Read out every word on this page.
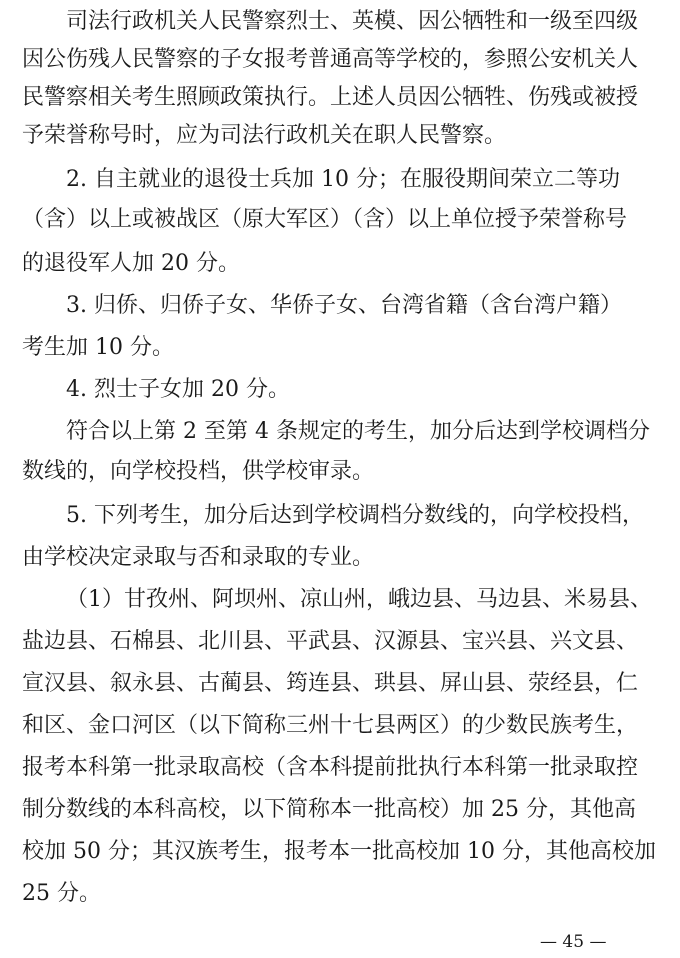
司法行政机关人民警察烈士、英模、因公牺牲和一级至四级
因公伤残人民警察的子女报考普通高等学校的，参照公安机关人
民警察相关考生照顾政策执行。上述人员因公牺牲、伤残或被授
予荣誉称号时，应为司法行政机关在职人民警察。
2. 自主就业的退役士兵加 10 分；在服役期间荣立二等功
（含）以上或被战区（原大军区）（含）以上单位授予荣誉称号
的退役军人加 20 分。
3. 归侨、归侨子女、华侨子女、台湾省籍（含台湾户籍）
考生加 10 分。
4. 烈士子女加 20 分。
符合以上第 2 至第 4 条规定的考生，加分后达到学校调档分
数线的，向学校投档，供学校审录。
5. 下列考生，加分后达到学校调档分数线的，向学校投档，
由学校决定录取与否和录取的专业。
（1）甘孜州、阿坝州、凉山州，峨边县、马边县、米易县、
盐边县、石棉县、北川县、平武县、汉源县、宝兴县、兴文县、
宣汉县、叙永县、古蔺县、筠连县、珙县、屏山县、荥经县，仁
和区、金口河区（以下简称三州十七县两区）的少数民族考生，
报考本科第一批录取高校（含本科提前批执行本科第一批录取控
制分数线的本科高校，以下简称本一批高校）加 25 分，其他高
校加 50 分；其汉族考生，报考本一批高校加 10 分，其他高校加
25 分。
— 45 —
